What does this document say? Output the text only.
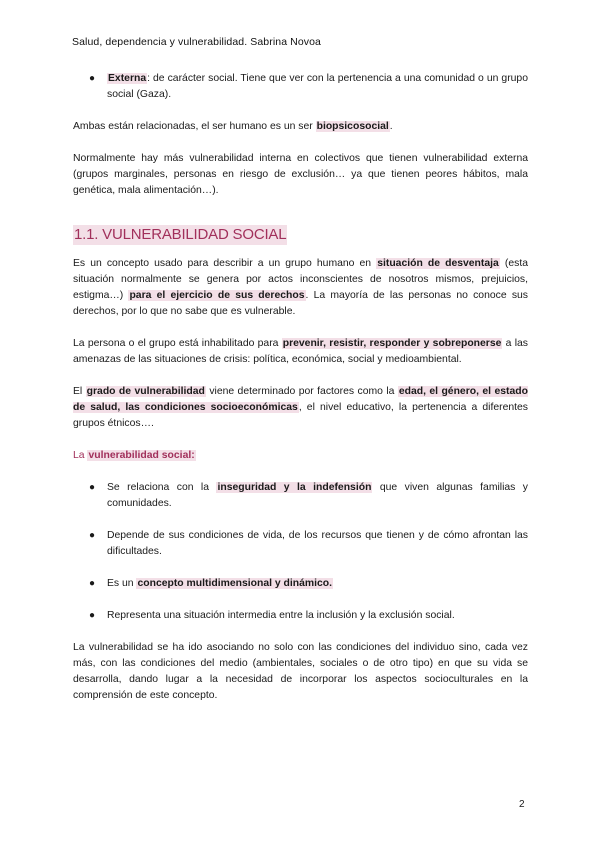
Salud, dependencia y vulnerabilidad. Sabrina Novoa
● Externa: de carácter social. Tiene que ver con la pertenencia a una comunidad o un grupo social (Gaza).

Ambas están relacionadas, el ser humano es un ser biopsicosocial.

Normalmente hay más vulnerabilidad interna en colectivos que tienen vulnerabilidad externa (grupos marginales, personas en riesgo de exclusión… ya que tienen peores hábitos, mala genética, mala alimentación…).

1.1. VULNERABILIDAD SOCIAL

Es un concepto usado para describir a un grupo humano en situación de desventaja (esta situación normalmente se genera por actos inconscientes de nosotros mismos, prejuicios, estigma…) para el ejercicio de sus derechos. La mayoría de las personas no conoce sus derechos, por lo que no sabe que es vulnerable.

La persona o el grupo está inhabilitado para prevenir, resistir, responder y sobreponerse a las amenazas de las situaciones de crisis: política, económica, social y medioambiental.

El grado de vulnerabilidad viene determinado por factores como la edad, el género, el estado de salud, las condiciones socioeconómicas, el nivel educativo, la pertenencia a diferentes grupos étnicos….

La vulnerabilidad social:

● Se relaciona con la inseguridad y la indefensión que viven algunas familias y comunidades.
● Depende de sus condiciones de vida, de los recursos que tienen y de cómo afrontan las dificultades.
● Es un concepto multidimensional y dinámico.
● Representa una situación intermedia entre la inclusión y la exclusión social.

La vulnerabilidad se ha ido asociando no solo con las condiciones del individuo sino, cada vez más, con las condiciones del medio (ambientales, sociales o de otro tipo) en que su vida se desarrolla, dando lugar a la necesidad de incorporar los aspectos socioculturales en la comprensión de este concepto.

2
